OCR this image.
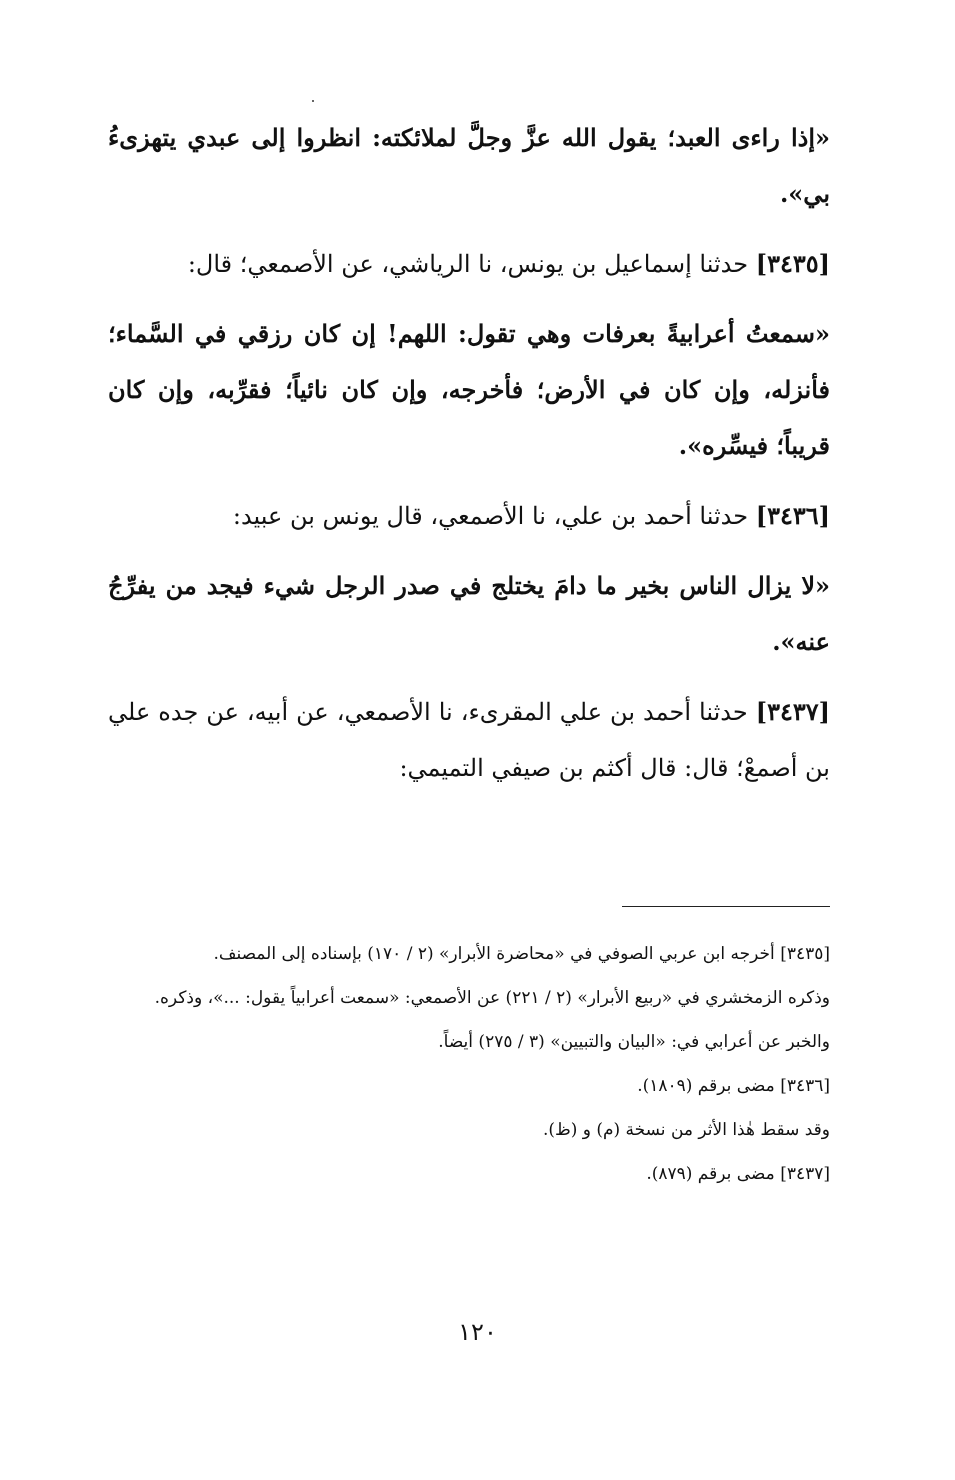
«إذا راءى العبد؛ يقول الله عزَّ وجلَّ لملائكته: انظروا إلى عبدي يتهزىءُ بي».

[٣٤٣٥] حدثنا إسماعيل بن يونس، نا الرياشي، عن الأصمعي؛ قال:

«سمعتُ أعرابيةً بعرفات وهي تقول: اللهم! إن كان رزقي في السَّماء؛ فأنزله، وإن كان في الأرض؛ فأخرجه، وإن كان نائياً؛ فقرِّبه، وإن كان قريباً؛ فيسِّره».

[٣٤٣٦] حدثنا أحمد بن علي، نا الأصمعي، قال يونس بن عبيد:

«لا يزال الناس بخير ما دامَ يختلج في صدر الرجل شيء فيجد من يفرِّجُ عنه».

[٣٤٣٧] حدثنا أحمد بن علي المقرىء، نا الأصمعي، عن أبيه، عن جده علي بن أصمعْ؛ قال: قال أكثم بن صيفي التميمي:

[٣٤٣٥] أخرجه ابن عربي الصوفي في «محاضرة الأبرار» (٢ / ١٧٠) بإسناده إلى المصنف.

وذكره الزمخشري في «ربيع الأبرار» (٢ / ٢٢١) عن الأصمعي: «سمعت أعرابياً يقول: ...»، وذكره.

والخبر عن أعرابي في: «البيان والتبيين» (٣ / ٢٧٥) أيضاً.

[٣٤٣٦] مضى برقم (١٨٠٩).

وقد سقط هٰذا الأثر من نسخة (م) و (ظ).

[٣٤٣٧] مضى برقم (٨٧٩).

١٢٠
